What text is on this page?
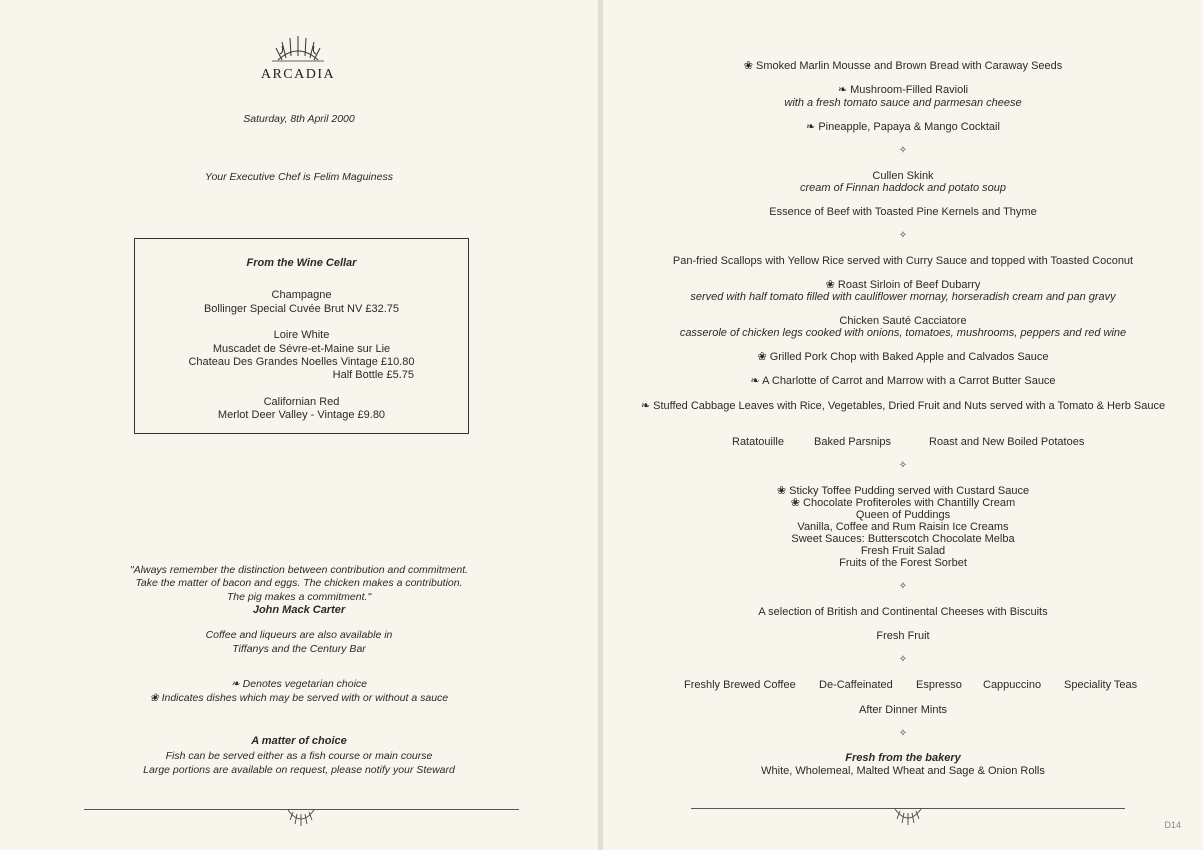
ARCADIA
Saturday, 8th April 2000
Your Executive Chef is Felim Maguiness
From the Wine Cellar
Champagne
Bollinger Special Cuvée Brut NV £32.75
Loire White
Muscadet de Sévre-et-Maine sur Lie
Chateau Des Grandes Noelles Vintage £10.80
Half Bottle £5.75
Californian Red
Merlot Deer Valley - Vintage £9.80
"Always remember the distinction between contribution and commitment.
Take the matter of bacon and eggs. The chicken makes a contribution.
The pig makes a commitment."
John Mack Carter
Coffee and liqueurs are also available in
Tiffanys and the Century Bar
❧ Denotes vegetarian choice
❀ Indicates dishes which may be served with or without a sauce
A matter of choice
Fish can be served either as a fish course or main course
Large portions are available on request, please notify your Steward
❀ Smoked Marlin Mousse and Brown Bread with Caraway Seeds
❧ Mushroom-Filled Ravioli
with a fresh tomato sauce and parmesan cheese
❧ Pineapple, Papaya & Mango Cocktail
✧
Cullen Skink
cream of Finnan haddock and potato soup
Essence of Beef with Toasted Pine Kernels and Thyme
✧
Pan-fried Scallops with Yellow Rice served with Curry Sauce and topped with Toasted Coconut
❀ Roast Sirloin of Beef Dubarry
served with half tomato filled with cauliflower mornay, horseradish cream and pan gravy
Chicken Sauté Cacciatore
casserole of chicken legs cooked with onions, tomatoes, mushrooms, peppers and red wine
❀ Grilled Pork Chop with Baked Apple and Calvados Sauce
❧ A Charlotte of Carrot and Marrow with a Carrot Butter Sauce
❧ Stuffed Cabbage Leaves with Rice, Vegetables, Dried Fruit and Nuts served with a Tomato & Herb Sauce
Ratatouille	Baked Parsnips	Roast and New Boiled Potatoes
✧
❀ Sticky Toffee Pudding served with Custard Sauce
❀ Chocolate Profiteroles with Chantilly Cream
Queen of Puddings
Vanilla, Coffee and Rum Raisin Ice Creams
Sweet Sauces: Butterscotch Chocolate Melba
Fresh Fruit Salad
Fruits of the Forest Sorbet
✧
A selection of British and Continental Cheeses with Biscuits
Fresh Fruit
✧
Freshly Brewed Coffee De-Caffeinated Espresso Cappuccino Speciality Teas
After Dinner Mints
✧
Fresh from the bakery
White, Wholemeal, Malted Wheat and Sage & Onion Rolls
D14
